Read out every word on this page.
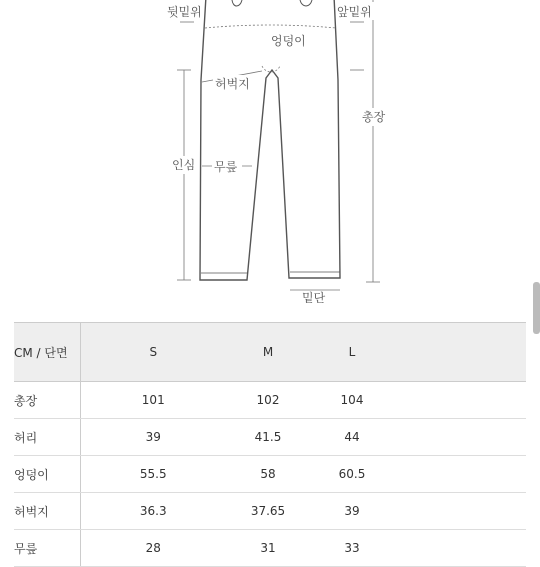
뒷밑위	앞밑위
엉덩이
허벅지
총장
인심 무릎
밑단
CM / 단면	S	M	L	
총장	101	102	104	
허리	39	41.5	44	
엉덩이	55.5	58	60.5	
허벅지	36.3	37.65	39	
무릎	28	31	33	
